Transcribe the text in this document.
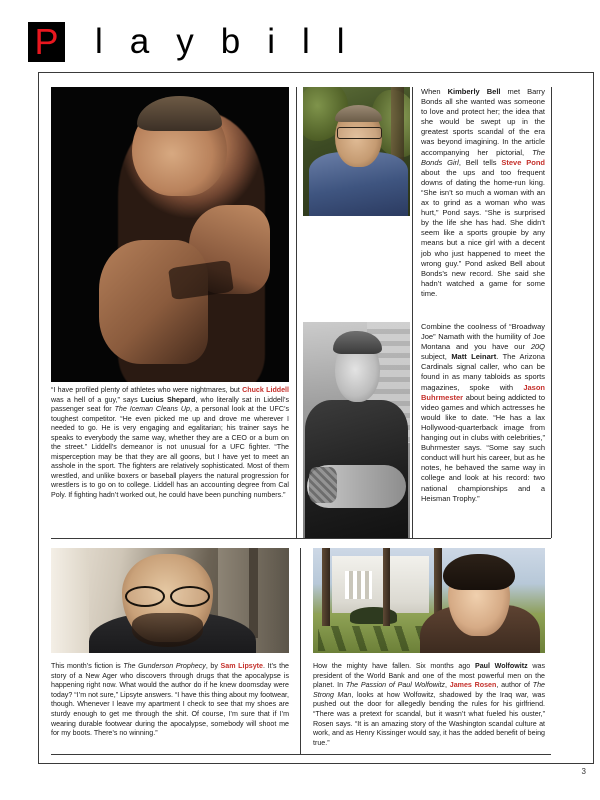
P laybill
“I have profiled plenty of athletes who were nightmares, but Chuck Liddell was a hell of a guy,” says Lucius Shepard, who literally sat in Liddell’s passenger seat for The Iceman Cleans Up, a personal look at the UFC’s toughest competitor. “He even picked me up and drove me wherever I needed to go. He is very engaging and egalitarian; his trainer says he speaks to everybody the same way, whether they are a CEO or a bum on the street.” Liddell’s demeanor is not unusual for a UFC fighter. “The misperception may be that they are all goons, but I have yet to meet an asshole in the sport. The fighters are relatively sophisticated. Most of them wrestled, and unlike boxers or baseball players the natural progression for wrestlers is to go on to college. Liddell has an accounting degree from Cal Poly. If fighting hadn’t worked out, he could have been punching numbers.”
When Kimberly Bell met Barry Bonds all she wanted was someone to love and protect her; the idea that she would be swept up in the greatest sports scandal of the era was beyond imagining. In the article accompanying her pictorial, The Bonds Girl, Bell tells Steve Pond about the ups and too frequent downs of dating the home-run king. “She isn’t so much a woman with an ax to grind as a woman who was hurt,” Pond says. “She is surprised by the life she has had. She didn’t seem like a sports groupie by any means but a nice girl with a decent job who just happened to meet the wrong guy.” Pond asked Bell about Bonds’s new record. She said she hadn’t watched a game for some time.
Combine the coolness of “Broadway Joe” Namath with the humility of Joe Montana and you have our 20Q subject, Matt Leinart. The Arizona Cardinals signal caller, who can be found in as many tabloids as sports magazines, spoke with Jason Buhrmester about being addicted to video games and which actresses he would like to date. “He has a lax Hollywood-quarterback image from hanging out in clubs with celebrities,” Buhrmester says. “Some say such conduct will hurt his career, but as he notes, he behaved the same way in college and look at his record: two national championships and a Heisman Trophy.”
This month’s fiction is The Gunderson Prophecy, by Sam Lipsyte. It’s the story of a New Ager who discovers through drugs that the apocalypse is happening right now. What would the author do if he knew doomsday were today? “I’m not sure,” Lipsyte answers. “I have this thing about my footwear, though. Whenever I leave my apartment I check to see that my shoes are sturdy enough to get me through the shit. Of course, I’m sure that if I’m wearing durable footwear during the apocalypse, somebody will shoot me for my boots. There’s no winning.”
How the mighty have fallen. Six months ago Paul Wolfowitz was president of the World Bank and one of the most powerful men on the planet. In The Passion of Paul Wolfowitz, James Rosen, author of The Strong Man, looks at how Wolfowitz, shadowed by the Iraq war, was pushed out the door for allegedly bending the rules for his girlfriend. “There was a pretext for scandal, but it wasn’t what fueled his ouster,” Rosen says. “It is an amazing story of the Washington scandal culture at work, and as Henry Kissinger would say, it has the added benefit of being true.”
3
